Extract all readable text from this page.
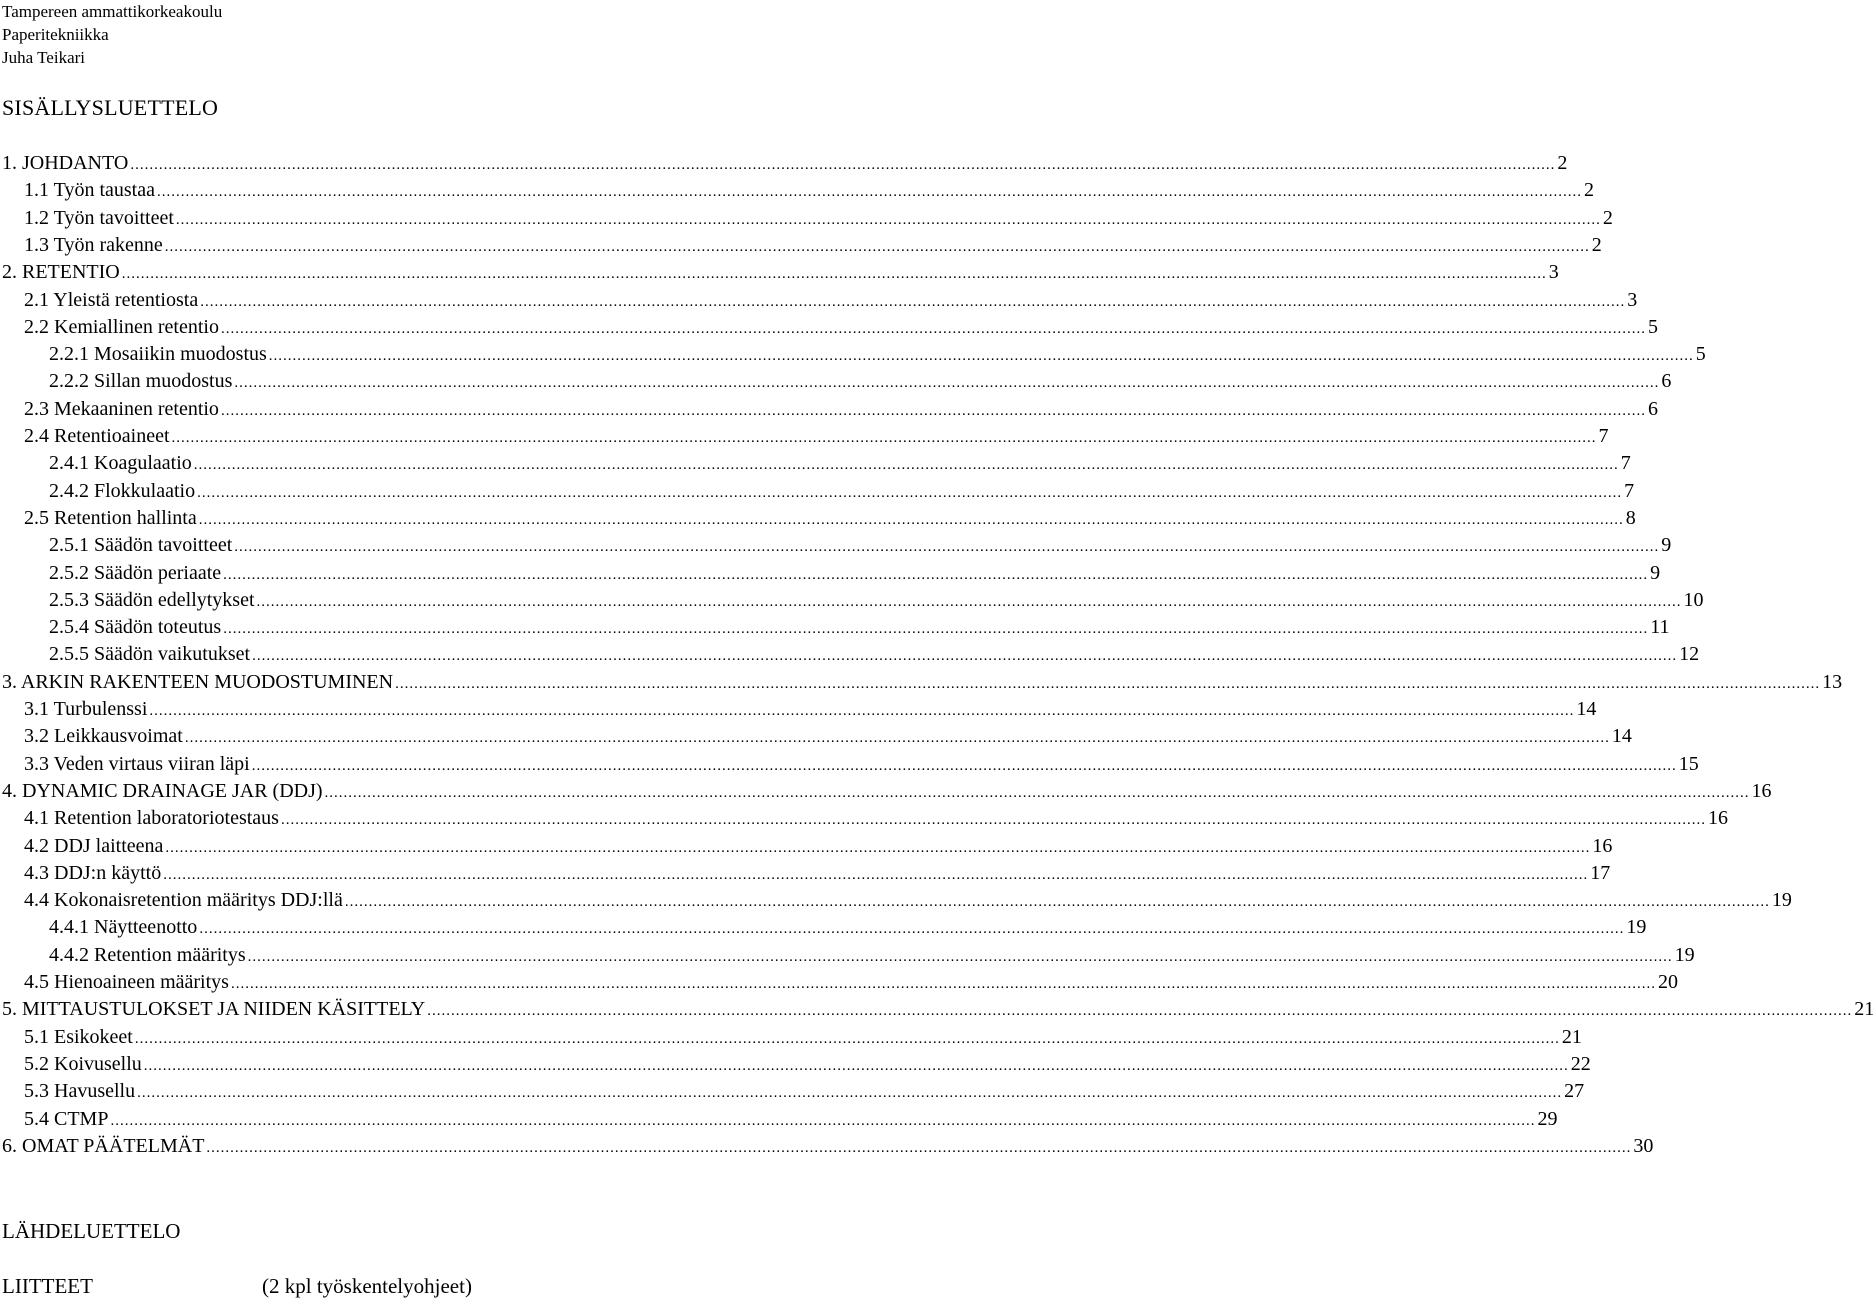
Tampereen ammattikorkeakoulu
Paperitekniikka
Juha Teikari
SISÄLLYSLUETTELO
1. JOHDANTO ............................................................................................................................................................................................................................................................................................................ 2
1.1 Työn taustaa ............................................................................................................................................................................................................................................................................................................ 2
1.2 Työn tavoitteet ............................................................................................................................................................................................................................................................................................................ 2
1.3 Työn rakenne ............................................................................................................................................................................................................................................................................................................ 2
2. RETENTIO ............................................................................................................................................................................................................................................................................................................ 3
2.1 Yleistä retentiosta ............................................................................................................................................................................................................................................................................................................ 3
2.2 Kemiallinen retentio ............................................................................................................................................................................................................................................................................................................ 5
2.2.1 Mosaiikin muodostus ............................................................................................................................................................................................................................................................................................................ 5
2.2.2 Sillan muodostus ............................................................................................................................................................................................................................................................................................................ 6
2.3 Mekaaninen retentio ............................................................................................................................................................................................................................................................................................................ 6
2.4 Retentioaineet ............................................................................................................................................................................................................................................................................................................ 7
2.4.1 Koagulaatio ............................................................................................................................................................................................................................................................................................................ 7
2.4.2 Flokkulaatio ............................................................................................................................................................................................................................................................................................................ 7
2.5 Retention hallinta ............................................................................................................................................................................................................................................................................................................ 8
2.5.1 Säädön tavoitteet ............................................................................................................................................................................................................................................................................................................ 9
2.5.2 Säädön periaate ............................................................................................................................................................................................................................................................................................................ 9
2.5.3 Säädön edellytykset ............................................................................................................................................................................................................................................................................................................ 10
2.5.4 Säädön toteutus ............................................................................................................................................................................................................................................................................................................ 11
2.5.5 Säädön vaikutukset ............................................................................................................................................................................................................................................................................................................ 12
3. ARKIN RAKENTEEN MUODOSTUMINEN ............................................................................................................................................................................................................................................................................................................ 13
3.1 Turbulenssi ............................................................................................................................................................................................................................................................................................................ 14
3.2 Leikkausvoimat ............................................................................................................................................................................................................................................................................................................ 14
3.3 Veden virtaus viiran läpi ............................................................................................................................................................................................................................................................................................................ 15
4. DYNAMIC DRAINAGE JAR (DDJ) ............................................................................................................................................................................................................................................................................................................ 16
4.1 Retention laboratoriotestaus ............................................................................................................................................................................................................................................................................................................ 16
4.2 DDJ laitteena ............................................................................................................................................................................................................................................................................................................ 16
4.3 DDJ:n käyttö ............................................................................................................................................................................................................................................................................................................ 17
4.4 Kokonaisretention määritys DDJ:llä ............................................................................................................................................................................................................................................................................................................ 19
4.4.1 Näytteenotto ............................................................................................................................................................................................................................................................................................................ 19
4.4.2 Retention määritys ............................................................................................................................................................................................................................................................................................................ 19
4.5 Hienoaineen määritys ............................................................................................................................................................................................................................................................................................................ 20
5. MITTAUSTULOKSET JA NIIDEN KÄSITTELY ............................................................................................................................................................................................................................................................................................................ 21
5.1 Esikokeet ............................................................................................................................................................................................................................................................................................................ 21
5.2 Koivusellu ............................................................................................................................................................................................................................................................................................................ 22
5.3 Havusellu ............................................................................................................................................................................................................................................................................................................ 27
5.4 CTMP ............................................................................................................................................................................................................................................................................................................ 29
6. OMAT PÄÄTELMÄT ............................................................................................................................................................................................................................................................................................................ 30
LÄHDELUETTELO
LIITTEET	(2 kpl työskentelyohjeet)
